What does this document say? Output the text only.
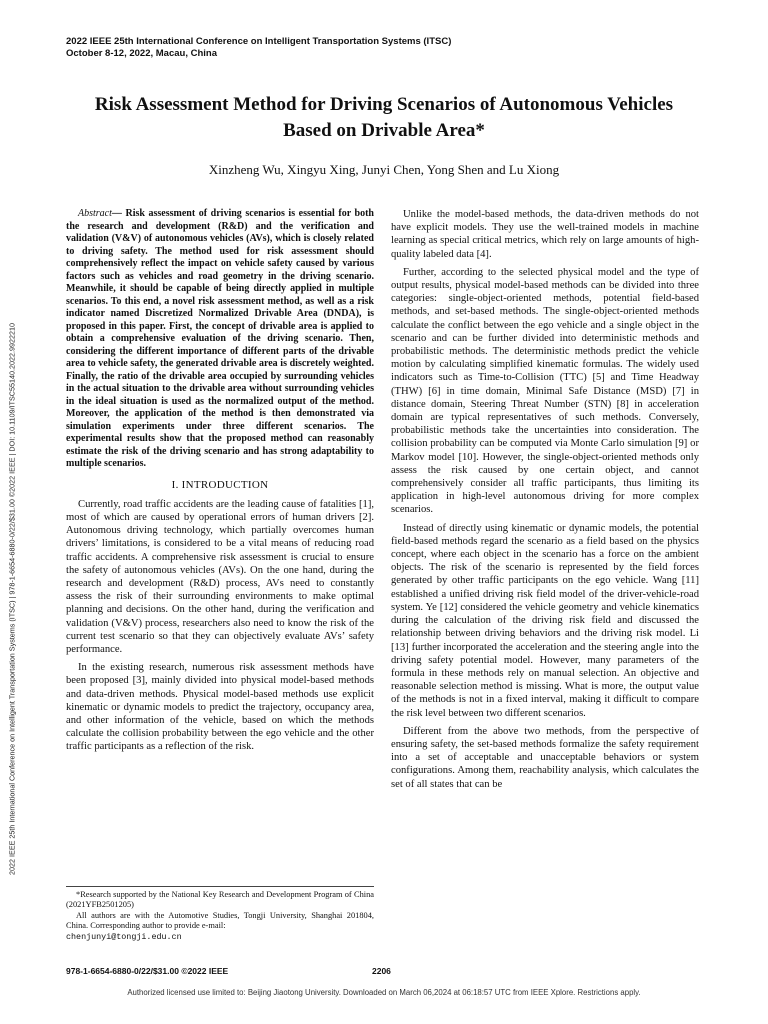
2022 IEEE 25th International Conference on Intelligent Transportation Systems (ITSC)
October 8-12, 2022, Macau, China
Risk Assessment Method for Driving Scenarios of Autonomous Vehicles
Based on Drivable Area*
Xinzheng Wu, Xingyu Xing, Junyi Chen, Yong Shen and Lu Xiong
2022 IEEE 25th International Conference on Intelligent Transportation Systems (ITSC) | 978-1-6654-6880-0/22/$31.00 ©2022 IEEE | DOI: 10.1109/ITSC55140.2022.9922210
Abstract— Risk assessment of driving scenarios is essential for both the research and development (R&D) and the verification and validation (V&V) of autonomous vehicles (AVs), which is closely related to driving safety. The method used for risk assessment should comprehensively reflect the impact on vehicle safety caused by various factors such as vehicles and road geometry in the driving scenario. Meanwhile, it should be capable of being directly applied in multiple scenarios. To this end, a novel risk assessment method, as well as a risk indicator named Discretized Normalized Drivable Area (DNDA), is proposed in this paper. First, the concept of drivable area is applied to obtain a comprehensive evaluation of the driving scenario. Then, considering the different importance of different parts of the drivable area to vehicle safety, the generated drivable area is discretely weighted. Finally, the ratio of the drivable area occupied by surrounding vehicles in the actual situation to the drivable area without surrounding vehicles in the ideal situation is used as the normalized output of the method. Moreover, the application of the method is then demonstrated via simulation experiments under three different scenarios. The experimental results show that the proposed method can reasonably estimate the risk of the driving scenario and has strong adaptability to multiple scenarios.
I. INTRODUCTION

Currently, road traffic accidents are the leading cause of fatalities [1], most of which are caused by operational errors of human drivers [2]. Autonomous driving technology, which partially overcomes human drivers’ limitations, is considered to be a vital means of reducing road traffic accidents. A comprehensive risk assessment is crucial to ensure the safety of autonomous vehicles (AVs). On the one hand, during the research and development (R&D) process, AVs need to constantly assess the risk of their surrounding environments to make optimal planning and decisions. On the other hand, during the verification and validation (V&V) process, researchers also need to know the risk of the current test scenario so that they can objectively evaluate AVs’ safety performance.

In the existing research, numerous risk assessment methods have been proposed [3], mainly divided into physical model-based methods and data-driven methods. Physical model-based methods use explicit kinematic or dynamic models to predict the trajectory, occupancy area, and other information of the vehicle, based on which the methods calculate the collision probability between the ego vehicle and the other traffic participants as a reflection of the risk.

Unlike the model-based methods, the data-driven methods do not have explicit models. They use the well-trained models in machine learning as special critical metrics, which rely on large amounts of high-quality labeled data [4].

Further, according to the selected physical model and the type of output results, physical model-based methods can be divided into three categories: single-object-oriented methods, potential field-based methods, and set-based methods. The single-object-oriented methods calculate the conflict between the ego vehicle and a single object in the scenario and can be further divided into deterministic methods and probabilistic methods. The deterministic methods predict the vehicle motion by calculating simplified kinematic formulas. The widely used indicators such as Time-to-Collision (TTC) [5] and Time Headway (THW) [6] in time domain, Minimal Safe Distance (MSD) [7] in distance domain, Steering Threat Number (STN) [8] in acceleration domain are typical representatives of such methods. Conversely, probabilistic methods take the uncertainties into consideration. The collision probability can be computed via Monte Carlo simulation [9] or Markov model [10]. However, the single-object-oriented methods only assess the risk caused by one certain object, and cannot comprehensively consider all traffic participants, thus limiting its application in high-level autonomous driving for more complex scenarios.

Instead of directly using kinematic or dynamic models, the potential field-based methods regard the scenario as a field based on the physics concept, where each object in the scenario has a force on the ambient objects. The risk of the scenario is represented by the field forces generated by other traffic participants on the ego vehicle. Wang [11] established a unified driving risk field model of the driver-vehicle-road system. Ye [12] considered the vehicle geometry and vehicle kinematics during the calculation of the driving risk field and discussed the relationship between driving behaviors and the driving risk model. Li [13] further incorporated the acceleration and the steering angle into the driving safety potential model. However, many parameters of the formula in these methods rely on manual selection. An objective and reasonable selection method is missing. What is more, the output value of the methods is not in a fixed interval, making it difficult to compare the risk level between two different scenarios.

Different from the above two methods, from the perspective of ensuring safety, the set-based methods formalize the safety requirement into a set of acceptable and unacceptable behaviors or system configurations. Among them, reachability analysis, which calculates the set of all states that can be

*Research supported by the National Key Research and Development Program of China (2021YFB2501205)
All authors are with the Automotive Studies, Tongji University, Shanghai 201804, China. Corresponding author to provide e-mail:
chenjunyi@tongji.edu.cn
978-1-6654-6880-0/22/$31.00 ©2022 IEEE	2206
Authorized licensed use limited to: Beijing Jiaotong University. Downloaded on March 06,2024 at 06:18:57 UTC from IEEE Xplore. Restrictions apply.
